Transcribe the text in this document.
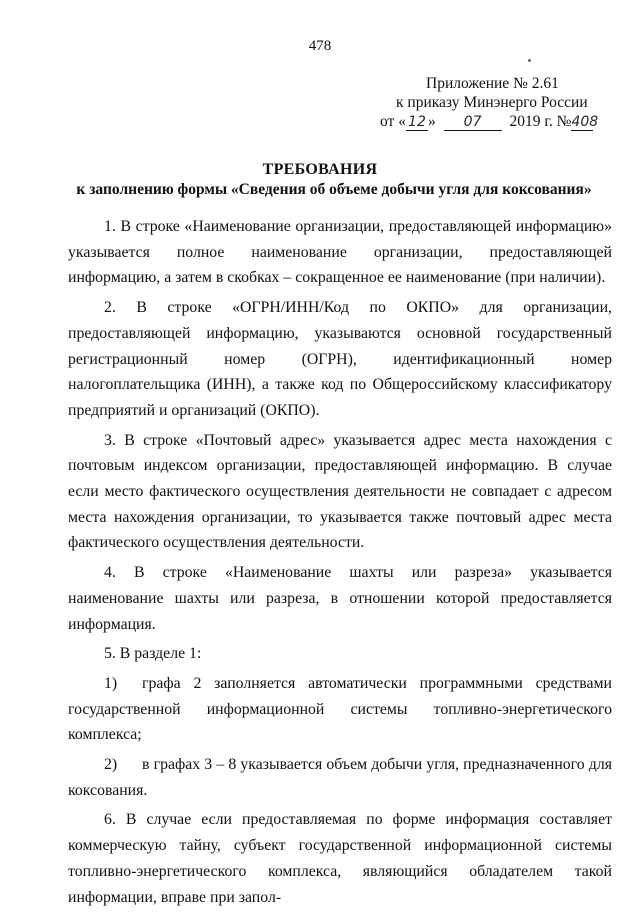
478
Приложение № 2.61
к приказу Минэнерго России
от « 12 » 07 2019 г. №408
ТРЕБОВАНИЯ
к заполнению формы «Сведения об объеме добычи угля для коксования»

1. В строке «Наименование организации, предоставляющей информацию» указывается полное наименование организации, предоставляющей информацию, а затем в скобках – сокращенное ее наименование (при наличии).

2. В строке «ОГРН/ИНН/Код по ОКПО» для организации, предоставляющей информацию, указываются основной государственный регистрационный номер (ОГРН), идентификационный номер налогоплательщика (ИНН), а также код по Общероссийскому классификатору предприятий и организаций (ОКПО).

3. В строке «Почтовый адрес» указывается адрес места нахождения с почтовым индексом организации, предоставляющей информацию. В случае если место фактического осуществления деятельности не совпадает с адресом места нахождения организации, то указывается также почтовый адрес места фактического осуществления деятельности.

4. В строке «Наименование шахты или разреза» указывается наименование шахты или разреза, в отношении которой предоставляется информация.

5. В разделе 1:

1) графа 2 заполняется автоматически программными средствами государственной информационной системы топливно-энергетического комплекса;

2) в графах 3 – 8 указывается объем добычи угля, предназначенного для коксования.

6. В случае если предоставляемая по форме информация составляет коммерческую тайну, субъект государственной информационной системы топливно-энергетического комплекса, являющийся обладателем такой информации, вправе при запол-
